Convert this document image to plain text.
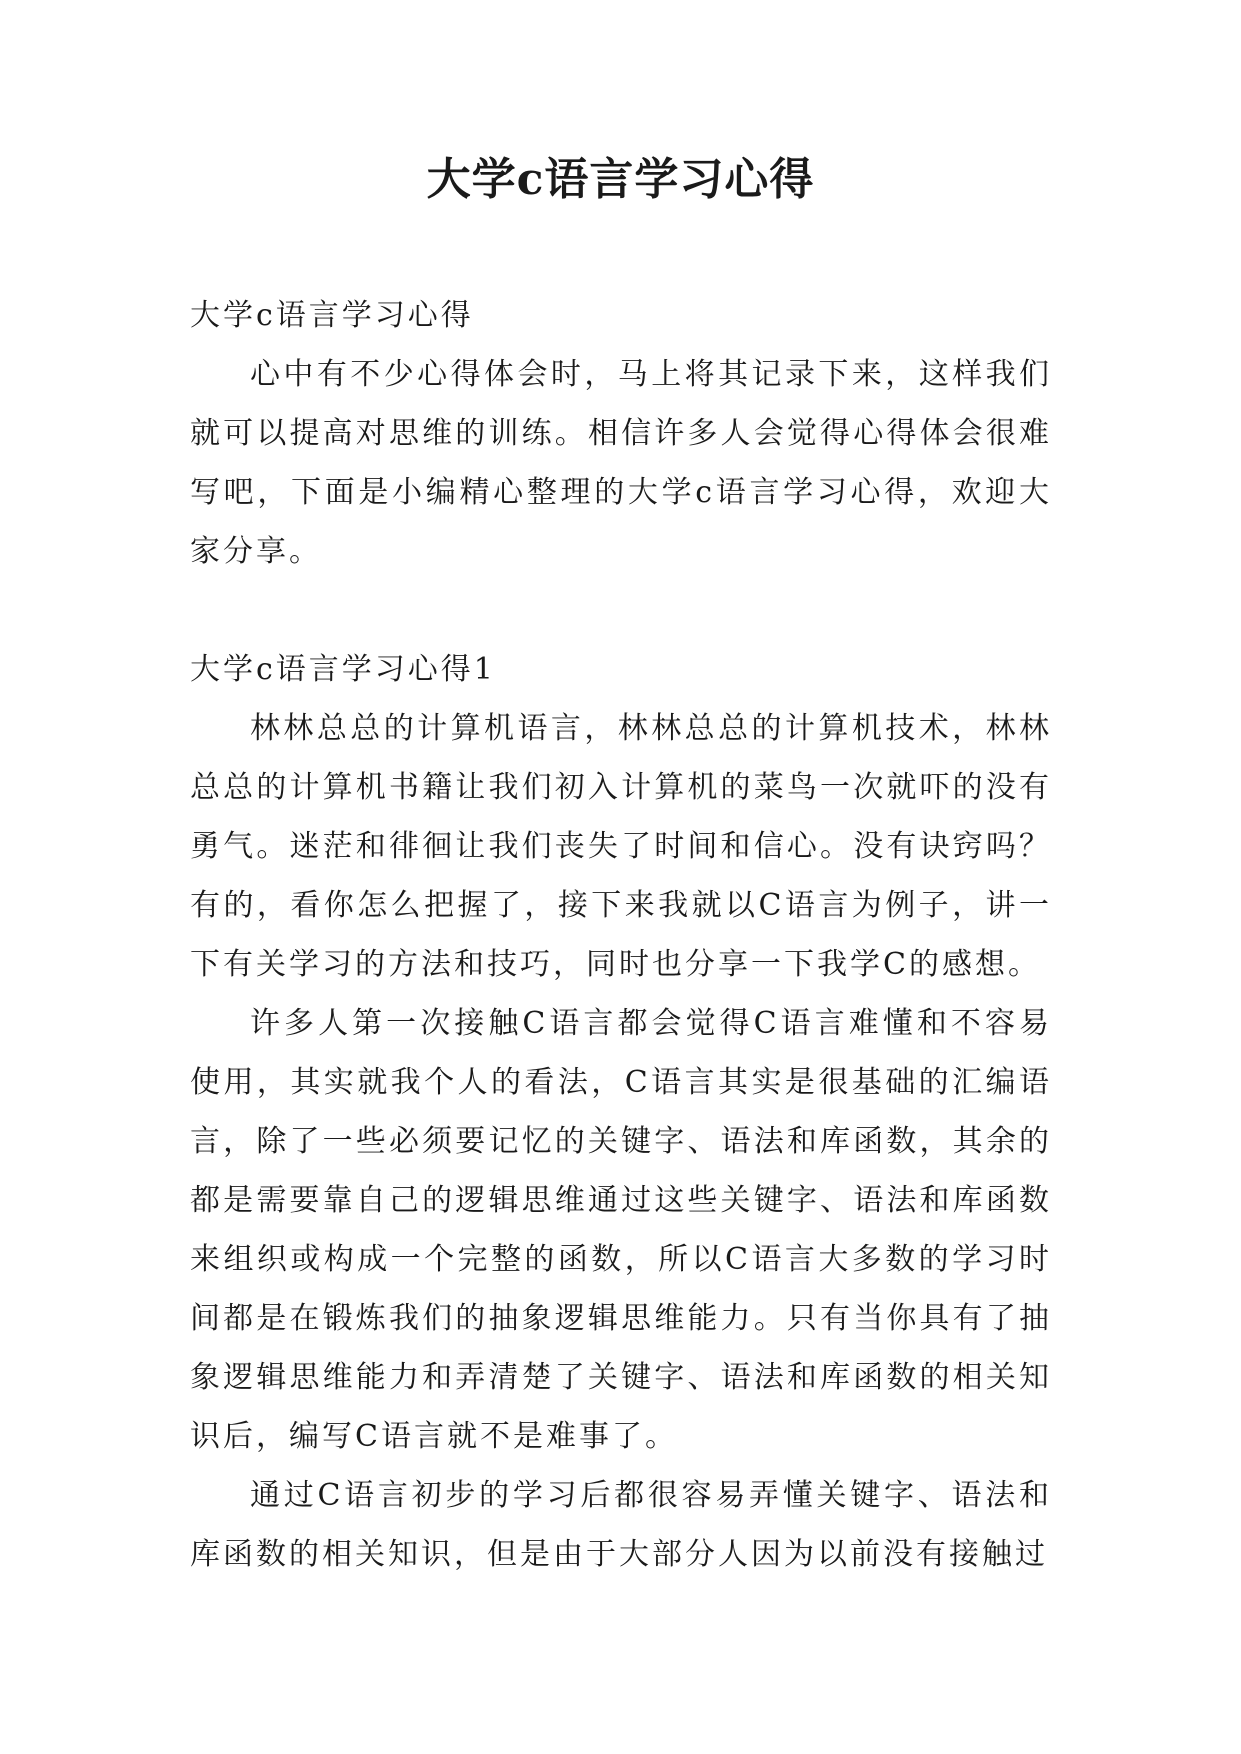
大学c语言学习心得

大学c语言学习心得

心中有不少心得体会时，马上将其记录下来，这样我们就可以提高对思维的训练。相信许多人会觉得心得体会很难写吧，下面是小编精心整理的大学c语言学习心得，欢迎大家分享。

大学c语言学习心得1

林林总总的计算机语言，林林总总的计算机技术，林林总总的计算机书籍让我们初入计算机的菜鸟一次就吓的没有勇气。迷茫和徘徊让我们丧失了时间和信心。没有诀窍吗？有的，看你怎么把握了，接下来我就以C语言为例子，讲一下有关学习的方法和技巧，同时也分享一下我学C的感想。

许多人第一次接触C语言都会觉得C语言难懂和不容易使用，其实就我个人的看法，C语言其实是很基础的汇编语言，除了一些必须要记忆的关键字、语法和库函数，其余的都是需要靠自己的逻辑思维通过这些关键字、语法和库函数来组织或构成一个完整的函数，所以C语言大多数的学习时间都是在锻炼我们的抽象逻辑思维能力。只有当你具有了抽象逻辑思维能力和弄清楚了关键字、语法和库函数的相关知识后，编写C语言就不是难事了。

通过C语言初步的学习后都很容易弄懂关键字、语法和库函数的相关知识，但是由于大部分人因为以前没有接触过
